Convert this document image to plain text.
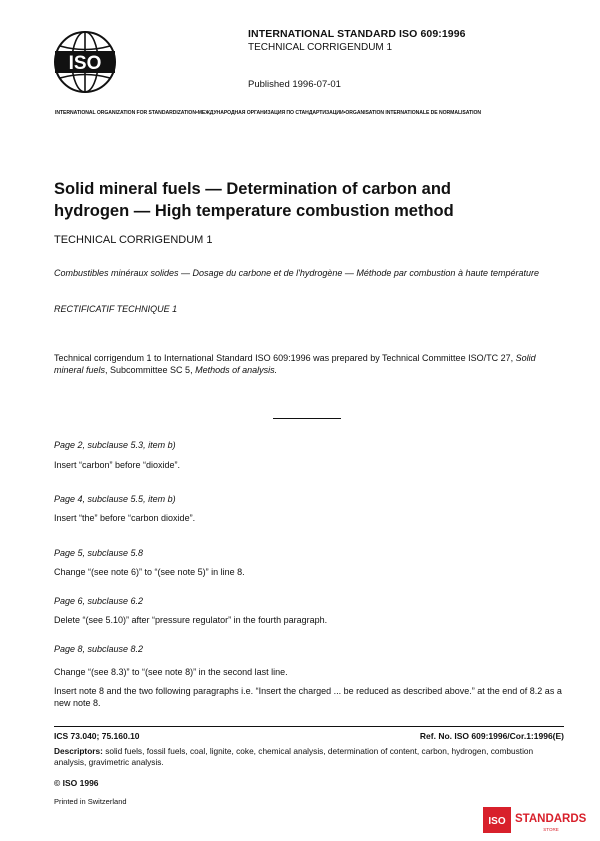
ISO
INTERNATIONAL STANDARD ISO 609:1996
TECHNICAL CORRIGENDUM 1
Published 1996-07-01
INTERNATIONAL ORGANIZATION FOR STANDARDIZATION•МЕЖДУНАРОДНАЯ ОРГАНИЗАЦИЯ ПО СТАНДАРТИЗАЦИИ•ORGANISATION INTERNATIONALE DE NORMALISATION
Solid mineral fuels — Determination of carbon and
hydrogen — High temperature combustion method
TECHNICAL CORRIGENDUM 1
Combustibles minéraux solides — Dosage du carbone et de l'hydrogène — Méthode par combustion à haute température
RECTIFICATIF TECHNIQUE 1
Technical corrigendum 1 to International Standard ISO 609:1996 was prepared by Technical Committee ISO/TC 27, Solid mineral fuels, Subcommittee SC 5, Methods of analysis.
Page 2, subclause 5.3, item b)
Insert “carbon” before “dioxide”.
Page 4, subclause 5.5, item b)
Insert “the” before “carbon dioxide”.
Page 5, subclause 5.8
Change “(see note 6)” to “(see note 5)” in line 8.
Page 6, subclause 6.2
Delete “(see 5.10)” after “pressure regulator” in the fourth paragraph.
Page 8, subclause 8.2
Change “(see 8.3)” to “(see note 8)” in the second last line.
Insert note 8 and the two following paragraphs i.e. “Insert the charged ... be reduced as described above.” at the end of 8.2 as a new note 8.
ICS 73.040; 75.160.10	Ref. No. ISO 609:1996/Cor.1:1996(E)
Descriptors: solid fuels, fossil fuels, coal, lignite, coke, chemical analysis, determination of content, carbon, hydrogen, combustion analysis, gravimetric analysis.
© ISO 1996
Printed in Switzerland
ISO STANDARDS
STORE
